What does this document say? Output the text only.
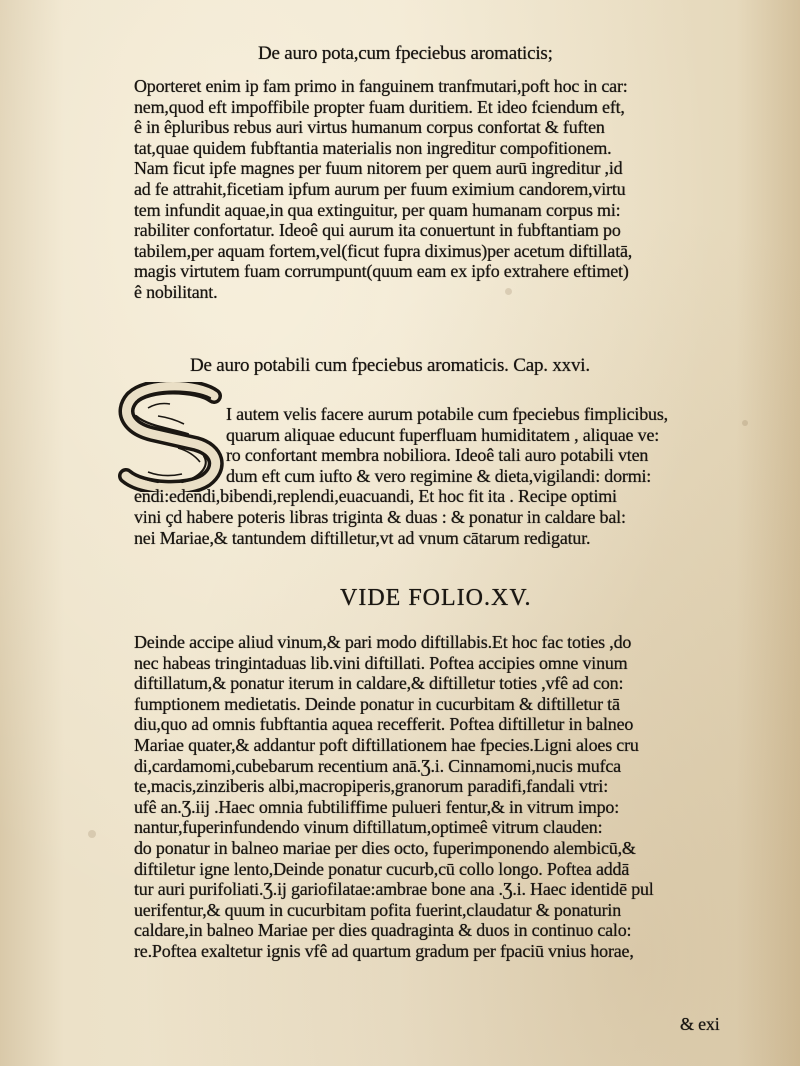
De auro pota,cum fpeciebus aromaticis;
Oporteret enim ip fam primo in fanguinem tranfmutari,poft hoc in car:
nem,quod eft impoffibile propter fuam duritiem. Et ideo fciendum eft,
ê in êpluribus rebus auri virtus humanum corpus confortat & fuften
tat,quae quidem fubftantia materialis non ingreditur compofitionem.
Nam ficut ipfe magnes per fuum nitorem per quem aurū ingreditur ,id
ad fe attrahit,ficetiam ipfum aurum per fuum eximium candorem,virtu
tem infundit aquae,in qua extinguitur, per quam humanam corpus mi:
rabiliter confortatur. Ideoê qui aurum ita conuertunt in fubftantiam po
tabilem,per aquam fortem,vel(ficut fupra diximus)per acetum diftillatā,
magis virtutem fuam corrumpunt(quum eam ex ipfo extrahere eftimet)
ê nobilitant.
De auro potabili cum fpeciebus aromaticis. Cap. xxvi.
I autem velis facere aurum potabile cum fpeciebus fimplicibus,
quarum aliquae educunt fuperfluam humiditatem , aliquae ve:
ro confortant membra nobiliora. Ideoê tali auro potabili vten
dum eft cum iufto & vero regimine & dieta,vigilandi: dormi:
endi:edendi,bibendi,replendi,euacuandi, Et hoc fit ita . Recipe optimi
vini çd habere poteris libras triginta & duas : & ponatur in caldare bal:
nei Mariae,& tantundem diftilletur,vt ad vnum cātarum redigatur.
VIDE FOLIO.XV.
Deinde accipe aliud vinum,& pari modo diftillabis.Et hoc fac toties ,do
nec habeas tringintaduas lib.vini diftillati. Poftea accipies omne vinum
diftillatum,& ponatur iterum in caldare,& diftilletur toties ,vfê ad con:
fumptionem medietatis. Deinde ponatur in cucurbitam & diftilletur tā
diu,quo ad omnis fubftantia aquea recefferit. Poftea diftilletur in balneo
Mariae quater,& addantur poft diftillationem hae fpecies.Ligni aloes cru
di,cardamomi,cubebarum recentium anā.Ʒ.i. Cinnamomi,nucis mufca
te,macis,zinziberis albi,macropiperis,granorum paradifi,fandali vtri:
ufê an.Ʒ.iij .Haec omnia fubtiliffime pulueri fentur,& in vitrum impo:
nantur,fuperinfundendo vinum diftillatum,optimeê vitrum clauden:
do ponatur in balneo mariae per dies octo, fuperimponendo alembicū,&
diftiletur igne lento,Deinde ponatur cucurb,cū collo longo. Poftea addā
tur auri purifoliati.Ʒ.ij gariofilatae:ambrae bone ana .Ʒ.i. Haec identidē pul
uerifentur,& quum in cucurbitam pofita fuerint,claudatur & ponaturin
caldare,in balneo Mariae per dies quadraginta & duos in continuo calo:
re.Poftea exaltetur ignis vfê ad quartum gradum per fpaciū vnius horae,
& exi
